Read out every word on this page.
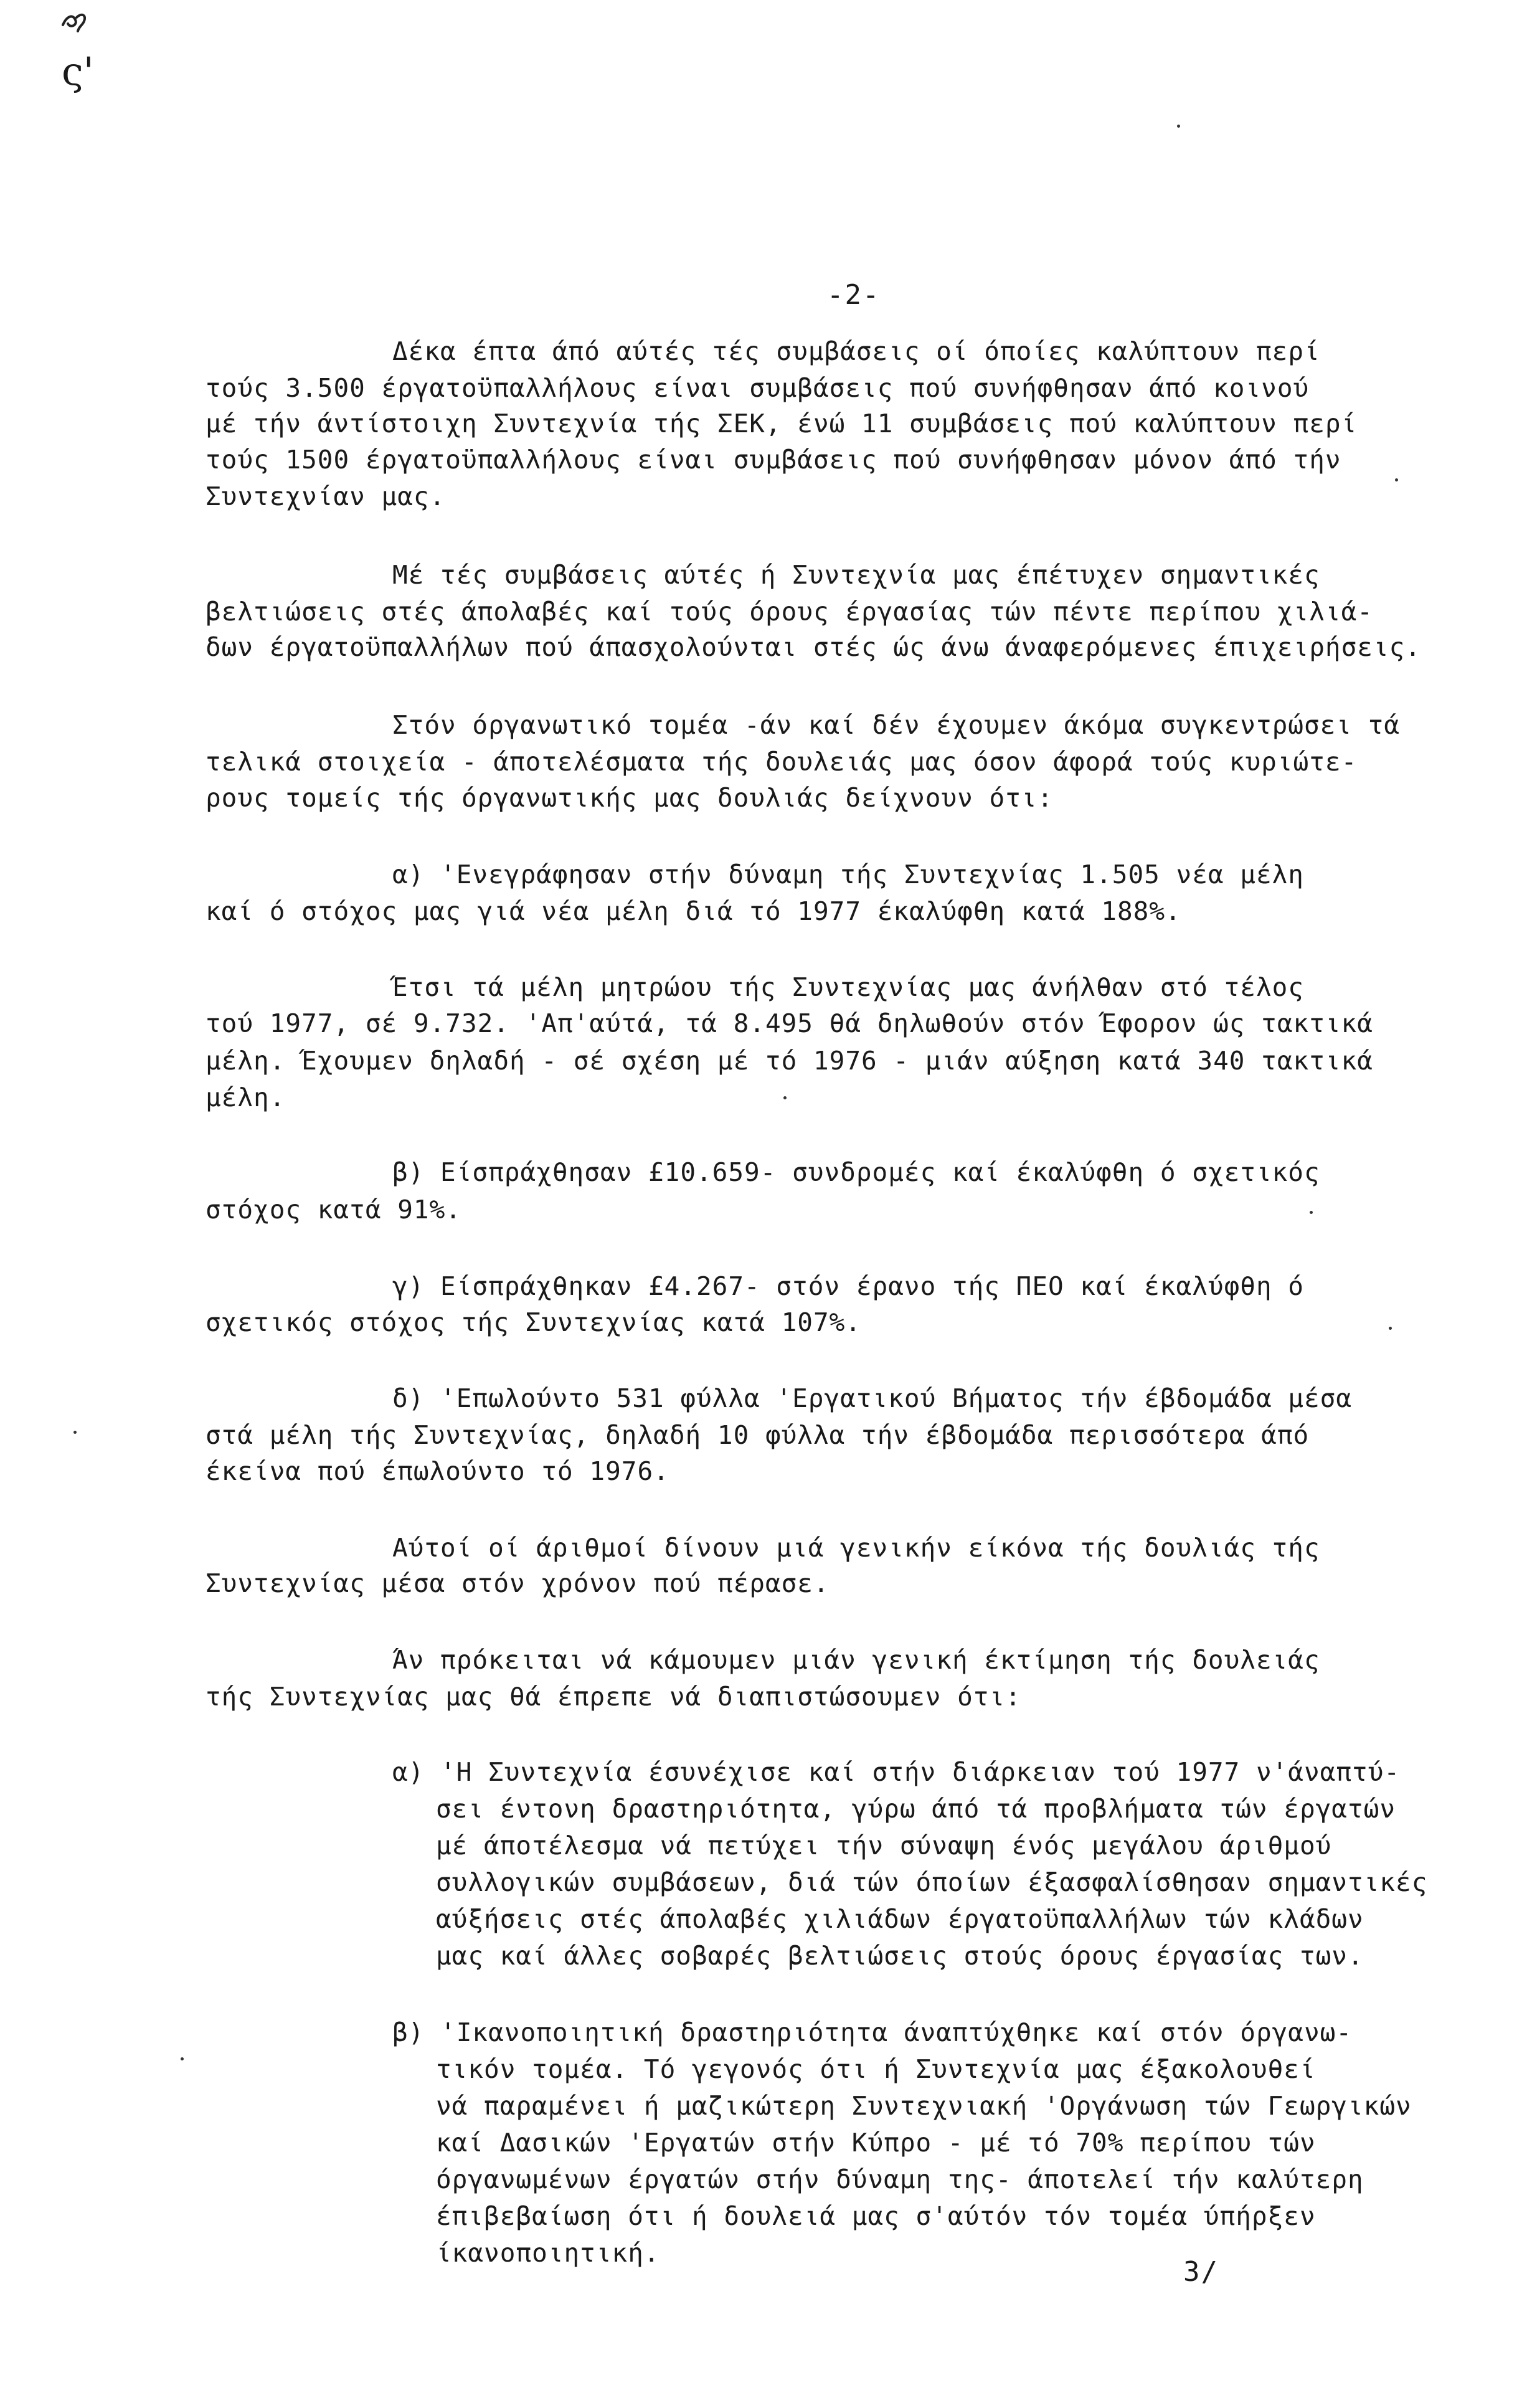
ς'
-2-
Δέκα έπτα άπό αύτές τές συμβάσεις οί όποίες καλύπτουν περί
τούς 3.500 έργατοϋπαλλήλους είναι συμβάσεις πού συνήφθησαν άπό κοινού
μέ τήν άντίστοιχη Συντεχνία τής ΣΕΚ, ένώ 11 συμβάσεις πού καλύπτουν περί
τούς 1500 έργατοϋπαλλήλους είναι συμβάσεις πού συνήφθησαν μόνον άπό τήν
Συντεχνίαν μας.
Μέ τές συμβάσεις αύτές ή Συντεχνία μας έπέτυχεν σημαντικές
βελτιώσεις στές άπολαβές καί τούς όρους έργασίας τών πέντε περίπου χιλιά-
δων έργατοϋπαλλήλων πού άπασχολούνται στές ώς άνω άναφερόμενες έπιχειρήσεις.
Στόν όργανωτικό τομέα -άν καί δέν έχουμεν άκόμα συγκεντρώσει τά
τελικά στοιχεία - άποτελέσματα τής δουλειάς μας όσον άφορά τούς κυριώτε-
ρους τομείς τής όργανωτικής μας δουλιάς δείχνουν ότι:
α) 'Ενεγράφησαν στήν δύναμη τής Συντεχνίας 1.505 νέα μέλη
καί ό στόχος μας γιά νέα μέλη διά τό 1977 έκαλύφθη κατά 188%.
Έτσι τά μέλη μητρώου τής Συντεχνίας μας άνήλθαν στό τέλος
τού 1977, σέ 9.732. 'Απ'αύτά, τά 8.495 θά δηλωθούν στόν Έφορον ώς τακτικά
μέλη. Έχουμεν δηλαδή - σέ σχέση μέ τό 1976 - μιάν αύξηση κατά 340 τακτικά
μέλη.
β) Είσπράχθησαν £10.659- συνδρομές καί έκαλύφθη ό σχετικός
στόχος κατά 91%.
γ) Είσπράχθηκαν £4.267- στόν έρανο τής ΠΕΟ καί έκαλύφθη ό
σχετικός στόχος τής Συντεχνίας κατά 107%.
δ) 'Επωλούντο 531 φύλλα 'Εργατικού Βήματος τήν έβδομάδα μέσα
στά μέλη τής Συντεχνίας, δηλαδή 10 φύλλα τήν έβδομάδα περισσότερα άπό
έκείνα πού έπωλούντο τό 1976.
Αύτοί οί άριθμοί δίνουν μιά γενικήν είκόνα τής δουλιάς τής
Συντεχνίας μέσα στόν χρόνον πού πέρασε.
Άν πρόκειται νά κάμουμεν μιάν γενική έκτίμηση τής δουλειάς
τής Συντεχνίας μας θά έπρεπε νά διαπιστώσουμεν ότι:
α) 'Η Συντεχνία έσυνέχισε καί στήν διάρκειαν τού 1977 ν'άναπτύ-
σει έντονη δραστηριότητα, γύρω άπό τά προβλήματα τών έργατών
μέ άποτέλεσμα νά πετύχει τήν σύναψη ένός μεγάλου άριθμού
συλλογικών συμβάσεων, διά τών όποίων έξασφαλίσθησαν σημαντικές
αύξήσεις στές άπολαβές χιλιάδων έργατοϋπαλλήλων τών κλάδων
μας καί άλλες σοβαρές βελτιώσεις στούς όρους έργασίας των.
β) 'Ικανοποιητική δραστηριότητα άναπτύχθηκε καί στόν όργανω-
τικόν τομέα. Τό γεγονός ότι ή Συντεχνία μας έξακολουθεί
νά παραμένει ή μαζικώτερη Συντεχνιακή 'Οργάνωση τών Γεωργικών
καί Δασικών 'Εργατών στήν Κύπρο - μέ τό 70% περίπου τών
όργανωμένων έργατών στήν δύναμη της- άποτελεί τήν καλύτερη
έπιβεβαίωση ότι ή δουλειά μας σ'αύτόν τόν τομέα ύπήρξεν
ίκανοποιητική.
3/
